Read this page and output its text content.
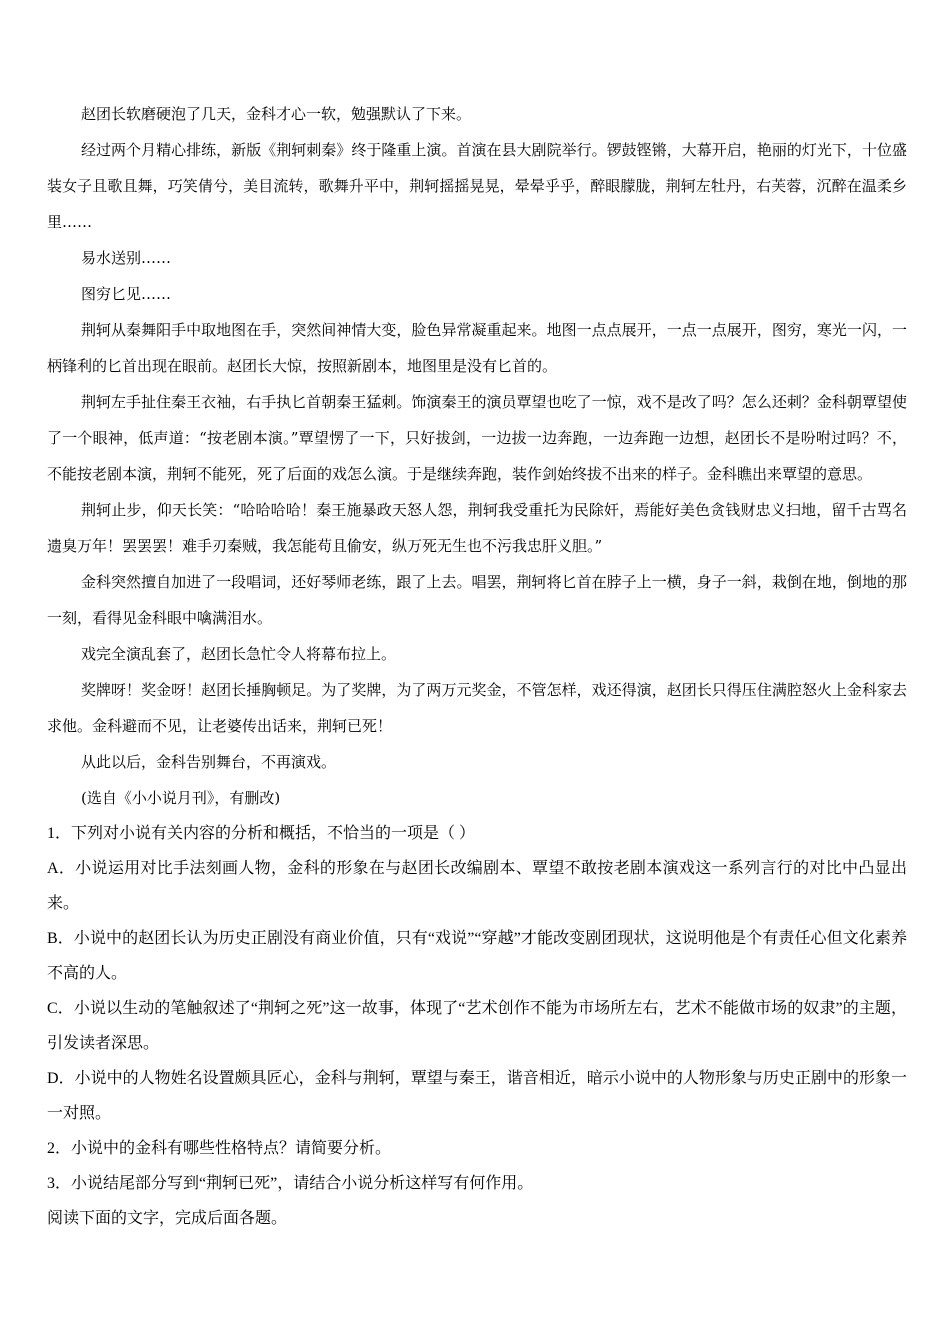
赵团长软磨硬泡了几天，金科才心一软，勉强默认了下来。

经过两个月精心排练，新版《荆轲刺秦》终于隆重上演。首演在县大剧院举行。锣鼓铿锵，大幕开启，艳丽的灯光下，十位盛装女子且歌且舞，巧笑倩兮，美目流转，歌舞升平中，荆轲摇摇晃晃，晕晕乎乎，醉眼朦胧，荆轲左牡丹，右芙蓉，沉醉在温柔乡里……

易水送别……

图穷匕见……

荆轲从秦舞阳手中取地图在手，突然间神情大变，脸色异常凝重起来。地图一点点展开，一点一点展开，图穷，寒光一闪，一柄锋利的匕首出现在眼前。赵团长大惊，按照新剧本，地图里是没有匕首的。

荆轲左手扯住秦王衣袖，右手执匕首朝秦王猛刺。饰演秦王的演员覃望也吃了一惊，戏不是改了吗？怎么还刺？金科朝覃望使了一个眼神，低声道：“按老剧本演。”覃望愣了一下，只好拔剑，一边拔一边奔跑，一边奔跑一边想，赵团长不是吩咐过吗？不，不能按老剧本演，荆轲不能死，死了后面的戏怎么演。于是继续奔跑，装作剑始终拔不出来的样子。金科瞧出来覃望的意思。

荆轲止步，仰天长笑：“哈哈哈哈！秦王施暴政天怒人怨，荆轲我受重托为民除奸，焉能好美色贪钱财忠义扫地，留千古骂名遗臭万年！罢罢罢！难手刃秦贼，我怎能苟且偷安，纵万死无生也不污我忠肝义胆。”

金科突然擅自加进了一段唱词，还好琴师老练，跟了上去。唱罢，荆轲将匕首在脖子上一横，身子一斜，栽倒在地，倒地的那一刻，看得见金科眼中噙满泪水。

戏完全演乱套了，赵团长急忙令人将幕布拉上。

奖牌呀！奖金呀！赵团长捶胸顿足。为了奖牌，为了两万元奖金，不管怎样，戏还得演，赵团长只得压住满腔怒火上金科家去求他。金科避而不见，让老婆传出话来，荆轲已死！

从此以后，金科告别舞台，不再演戏。

(选自《小小说月刊》，有删改)

1．下列对小说有关内容的分析和概括，不恰当的一项是（ ）

A．小说运用对比手法刻画人物，金科的形象在与赵团长改编剧本、覃望不敢按老剧本演戏这一系列言行的对比中凸显出来。

B．小说中的赵团长认为历史正剧没有商业价值，只有“戏说”“穿越”才能改变剧团现状，这说明他是个有责任心但文化素养不高的人。

C．小说以生动的笔触叙述了“荆轲之死”这一故事，体现了“艺术创作不能为市场所左右，艺术不能做市场的奴隶”的主题，引发读者深思。

D．小说中的人物姓名设置颇具匠心，金科与荆轲，覃望与秦王，谐音相近，暗示小说中的人物形象与历史正剧中的形象一一对照。

2．小说中的金科有哪些性格特点？请简要分析。

3．小说结尾部分写到“荆轲已死”，请结合小说分析这样写有何作用。

阅读下面的文字，完成后面各题。
